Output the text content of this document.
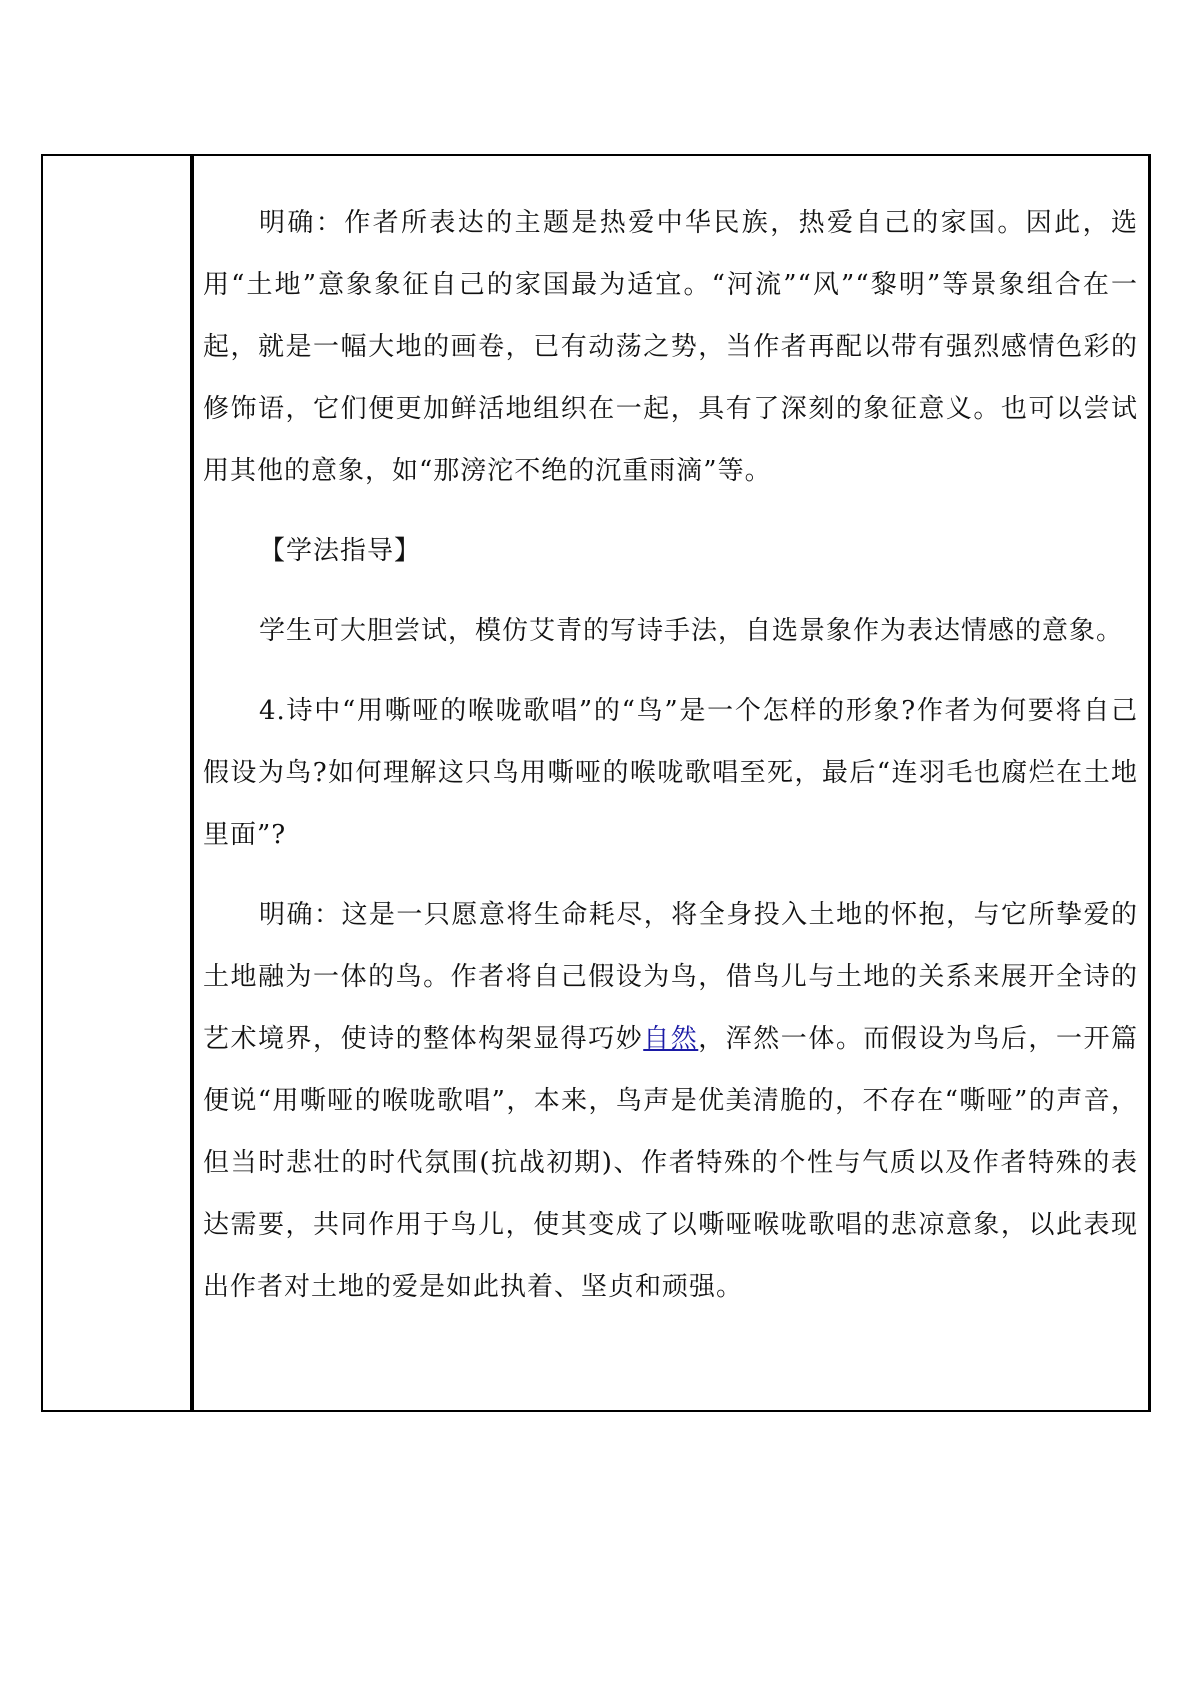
明确：作者所表达的主题是热爱中华民族，热爱自己的家国。因此，选用“土地”意象象征自己的家国最为适宜。“河流”“风”“黎明”等景象组合在一起，就是一幅大地的画卷，已有动荡之势，当作者再配以带有强烈感情色彩的修饰语，它们便更加鲜活地组织在一起，具有了深刻的象征意义。也可以尝试用其他的意象，如“那滂沱不绝的沉重雨滴”等。

【学法指导】

学生可大胆尝试，模仿艾青的写诗手法，自选景象作为表达情感的意象。

4.诗中“用嘶哑的喉咙歌唱”的“鸟”是一个怎样的形象?作者为何要将自己假设为鸟?如何理解这只鸟用嘶哑的喉咙歌唱至死，最后“连羽毛也腐烂在土地里面”?

明确：这是一只愿意将生命耗尽，将全身投入土地的怀抱，与它所挚爱的土地融为一体的鸟。作者将自己假设为鸟，借鸟儿与土地的关系来展开全诗的艺术境界，使诗的整体构架显得巧妙自然，浑然一体。而假设为鸟后，一开篇便说“用嘶哑的喉咙歌唱”，本来，鸟声是优美清脆的，不存在“嘶哑”的声音，但当时悲壮的时代氛围(抗战初期)、作者特殊的个性与气质以及作者特殊的表达需要，共同作用于鸟儿，使其变成了以嘶哑喉咙歌唱的悲凉意象，以此表现出作者对土地的爱是如此执着、坚贞和顽强。
